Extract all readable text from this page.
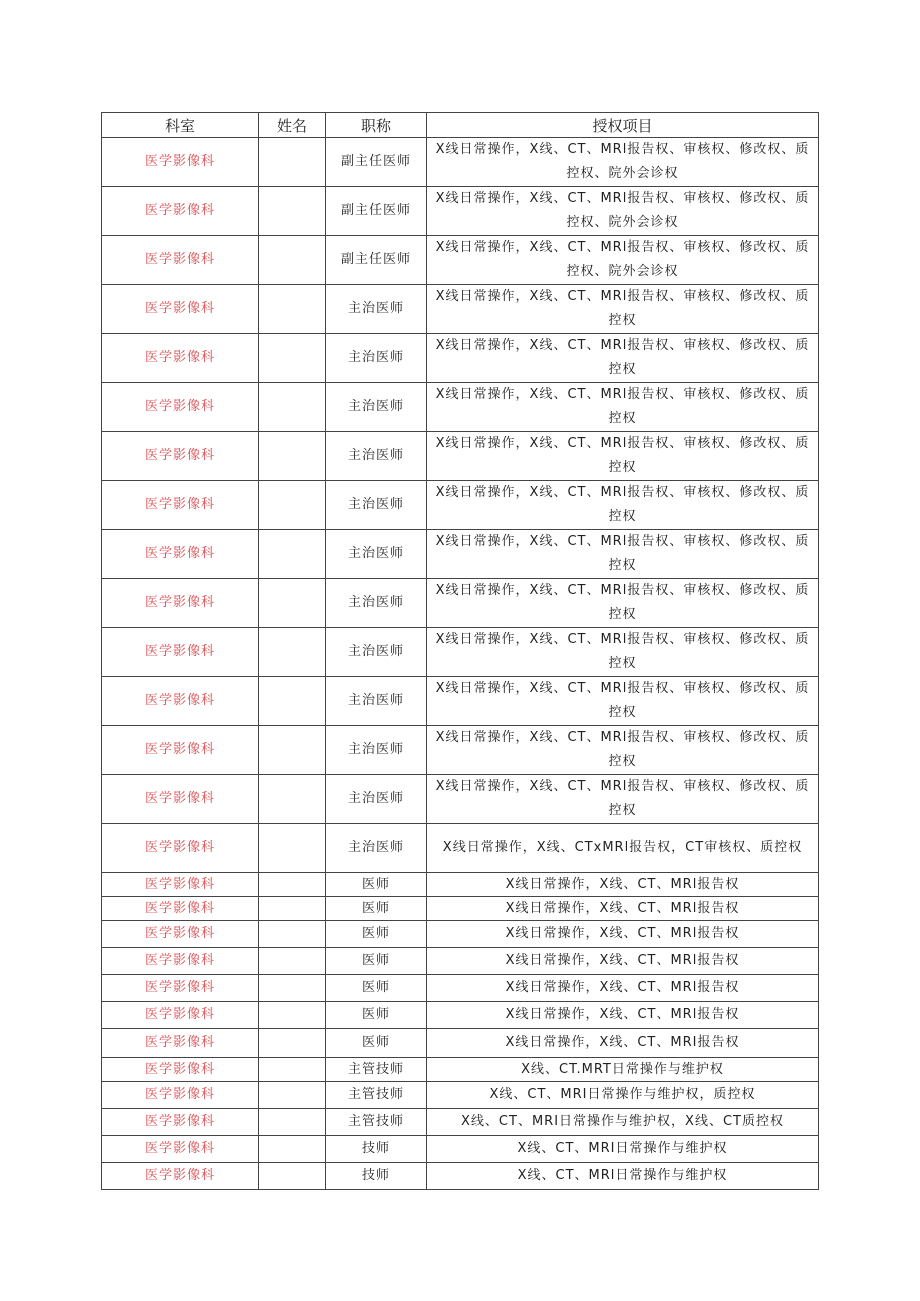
科室	姓名	职称	授权项目
医学影像科		副主任医师	X线日常操作，X线、CT、MRl报告权、审核权、修改权、质控权、院外会诊权
医学影像科		副主任医师	X线日常操作，X线、CT、MRl报告权、审核权、修改权、质控权、院外会诊权
医学影像科		副主任医师	X线日常操作，X线、CT、MRl报告权、审核权、修改权、质控权、院外会诊权
医学影像科		主治医师	X线日常操作，X线、CT、MRl报告权、审核权、修改权、质控权
医学影像科		主治医师	X线日常操作，X线、CT、MRl报告权、审核权、修改权、质控权
医学影像科		主治医师	X线日常操作，X线、CT、MRl报告权、审核权、修改权、质控权
医学影像科		主治医师	X线日常操作，X线、CT、MRl报告权、审核权、修改权、质控权
医学影像科		主治医师	X线日常操作，X线、CT、MRl报告权、审核权、修改权、质控权
医学影像科		主治医师	X线日常操作，X线、CT、MRl报告权、审核权、修改权、质控权
医学影像科		主治医师	X线日常操作，X线、CT、MRl报告权、审核权、修改权、质控权
医学影像科		主治医师	X线日常操作，X线、CT、MRl报告权、审核权、修改权、质控权
医学影像科		主治医师	X线日常操作，X线、CT、MRl报告权、审核权、修改权、质控权
医学影像科		主治医师	X线日常操作，X线、CT、MRl报告权、审核权、修改权、质控权
医学影像科		主治医师	X线日常操作，X线、CT、MRl报告权、审核权、修改权、质控权
医学影像科		主治医师	X线日常操作，X线、CTxMRl报告权，CT审核权、质控权
医学影像科		医师	X线日常操作，X线、CT、MRl报告权
医学影像科		医师	X线日常操作，X线、CT、MRl报告权
医学影像科		医师	X线日常操作，X线、CT、MRl报告权
医学影像科		医师	X线日常操作，X线、CT、MRl报告权
医学影像科		医师	X线日常操作，X线、CT、MRl报告权
医学影像科		医师	X线日常操作，X线、CT、MRl报告权
医学影像科		医师	X线日常操作，X线、CT、MRI报告权
医学影像科		主管技师	X线、CT.MRT日常操作与维护权
医学影像科		主管技师	X线、CT、MRI日常操作与维护权，质控权
医学影像科		主管技师	X线、CT、MRI日常操作与维护权，X线、CT质控权
医学影像科		技师	X线、CT、MRI日常操作与维护权
医学影像科		技师	X线、CT、MRl日常操作与维护权
